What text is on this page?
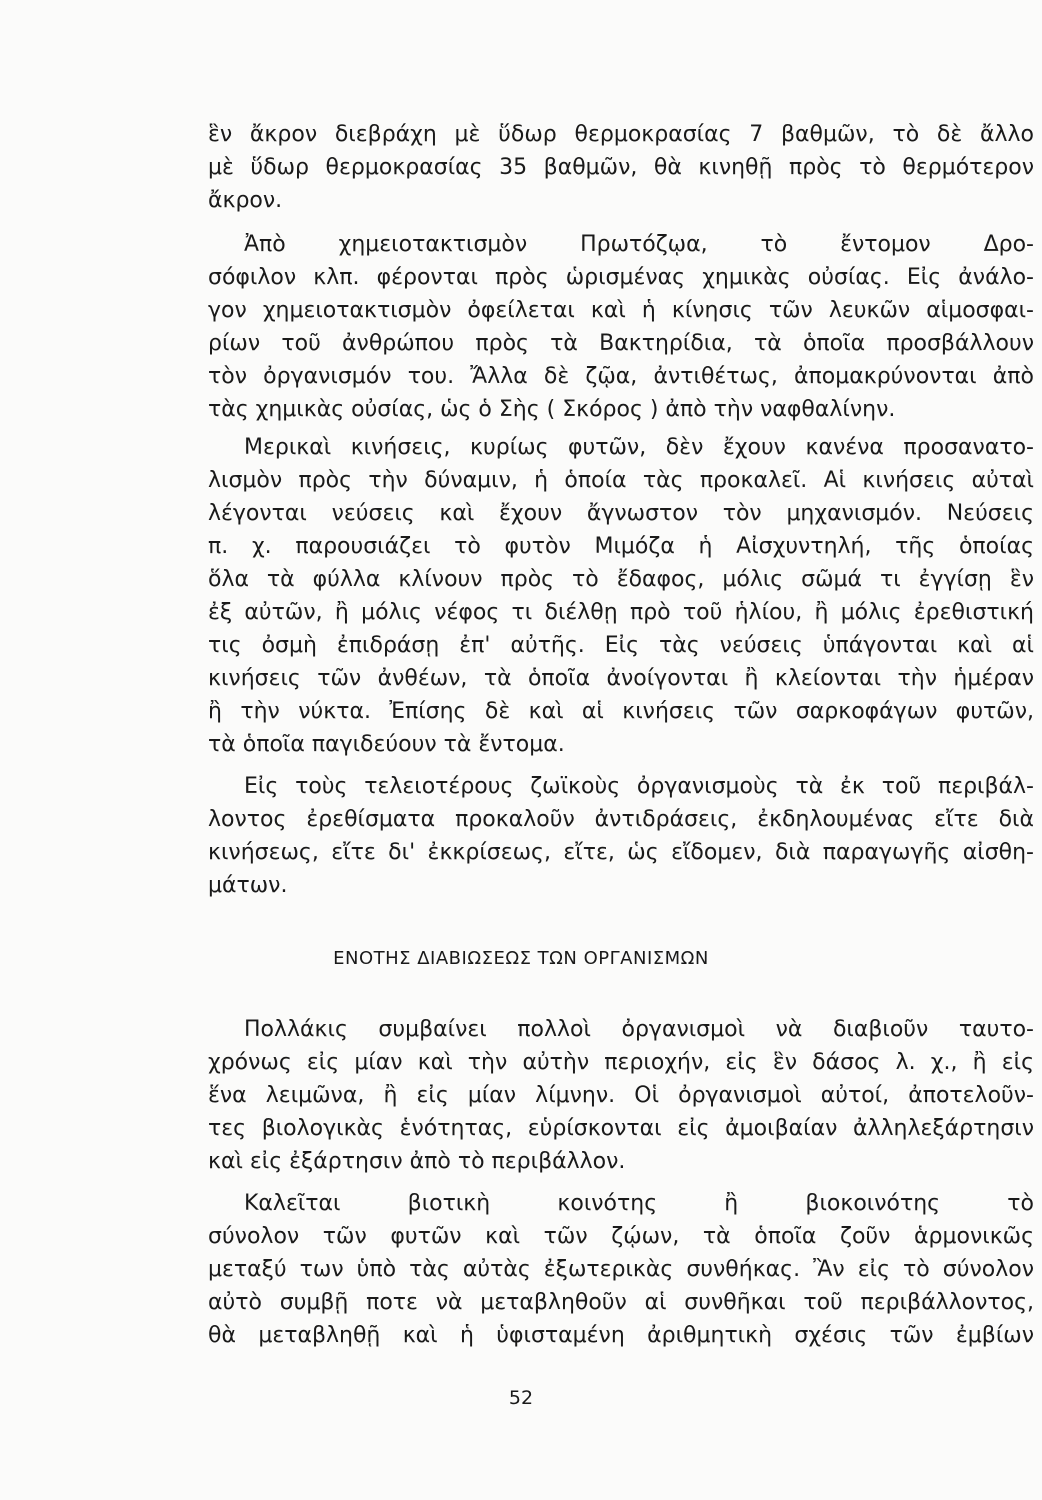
ἓν ἄκρον διεβράχη μὲ ὕδωρ θερμοκρασίας 7 βαθμῶν, τὸ δὲ ἄλλο
μὲ ὕδωρ θερμοκρασίας 35 βαθμῶν, θὰ κινηθῇ πρὸς τὸ θερμότερον
ἄκρον.
Ἀπὸ χημειοτακτισμὸν Πρωτόζῳα, τὸ ἔντομον Δρο-
σόφιλον κλπ. φέρονται πρὸς ὡρισμένας χημικὰς οὐσίας. Εἰς ἀνάλο-
γον χημειοτακτισμὸν ὀφείλεται καὶ ἡ κίνησις τῶν λευκῶν αἱμοσφαι-
ρίων τοῦ ἀνθρώπου πρὸς τὰ Βακτηρίδια, τὰ ὁποῖα προσβάλλουν
τὸν ὀργανισμόν του. Ἄλλα δὲ ζῷα, ἀντιθέτως, ἀπομακρύνονται ἀπὸ
τὰς χημικὰς οὐσίας, ὡς ὁ Σὴς ( Σκόρος ) ἀπὸ τὴν ναφθαλίνην.
Μερικαὶ κινήσεις, κυρίως φυτῶν, δὲν ἔχουν κανένα προσανατο-
λισμὸν πρὸς τὴν δύναμιν, ἡ ὁποία τὰς προκαλεῖ. Αἱ κινήσεις αὐταὶ
λέγονται νεύσεις καὶ ἔχουν ἄγνωστον τὸν μηχανισμόν. Νεύσεις
π. χ. παρουσιάζει τὸ φυτὸν Μιμόζα ἡ Αἰσχυντηλή, τῆς ὁποίας
ὅλα τὰ φύλλα κλίνουν πρὸς τὸ ἔδαφος, μόλις σῶμά τι ἐγγίσῃ ἓν
ἐξ αὐτῶν, ἢ μόλις νέφος τι διέλθῃ πρὸ τοῦ ἡλίου, ἢ μόλις ἐρεθιστική
τις ὀσμὴ ἐπιδράσῃ ἐπ' αὐτῆς. Εἰς τὰς νεύσεις ὑπάγονται καὶ αἱ
κινήσεις τῶν ἀνθέων, τὰ ὁποῖα ἀνοίγονται ἢ κλείονται τὴν ἡμέραν
ἢ τὴν νύκτα. Ἐπίσης δὲ καὶ αἱ κινήσεις τῶν σαρκοφάγων φυτῶν,
τὰ ὁποῖα παγιδεύουν τὰ ἔντομα.
Εἰς τοὺς τελειοτέρους ζωϊκοὺς ὀργανισμοὺς τὰ ἐκ τοῦ περιβάλ-
λοντος ἐρεθίσματα προκαλοῦν ἀντιδράσεις, ἐκδηλουμένας εἴτε διὰ
κινήσεως, εἴτε δι' ἐκκρίσεως, εἴτε, ὡς εἴδομεν, διὰ παραγωγῆς αἰσθη-
μάτων.
ΕΝΟΤΗΣ ΔΙΑΒΙΩΣΕΩΣ ΤΩΝ ΟΡΓΑΝΙΣΜΩΝ
Πολλάκις συμβαίνει πολλοὶ ὀργανισμοὶ νὰ διαβιοῦν ταυτο-
χρόνως εἰς μίαν καὶ τὴν αὐτὴν περιοχήν, εἰς ἓν δάσος λ. χ., ἢ εἰς
ἕνα λειμῶνα, ἢ εἰς μίαν λίμνην. Οἱ ὀργανισμοὶ αὐτοί, ἀποτελοῦν-
τες βιολογικὰς ἑνότητας, εὑρίσκονται εἰς ἀμοιβαίαν ἀλληλεξάρτησιν
καὶ εἰς ἐξάρτησιν ἀπὸ τὸ περιβάλλον.
Καλεῖται βιοτικὴ κοινότης ἢ βιοκοινότης τὸ
σύνολον τῶν φυτῶν καὶ τῶν ζῴων, τὰ ὁποῖα ζοῦν ἁρμονικῶς
μεταξύ των ὑπὸ τὰς αὐτὰς ἐξωτερικὰς συνθήκας. Ἂν εἰς τὸ σύνολον
αὐτὸ συμβῇ ποτε νὰ μεταβληθοῦν αἱ συνθῆκαι τοῦ περιβάλλοντος,
θὰ μεταβληθῇ καὶ ἡ ὑφισταμένη ἀριθμητικὴ σχέσις τῶν ἐμβίων
52
